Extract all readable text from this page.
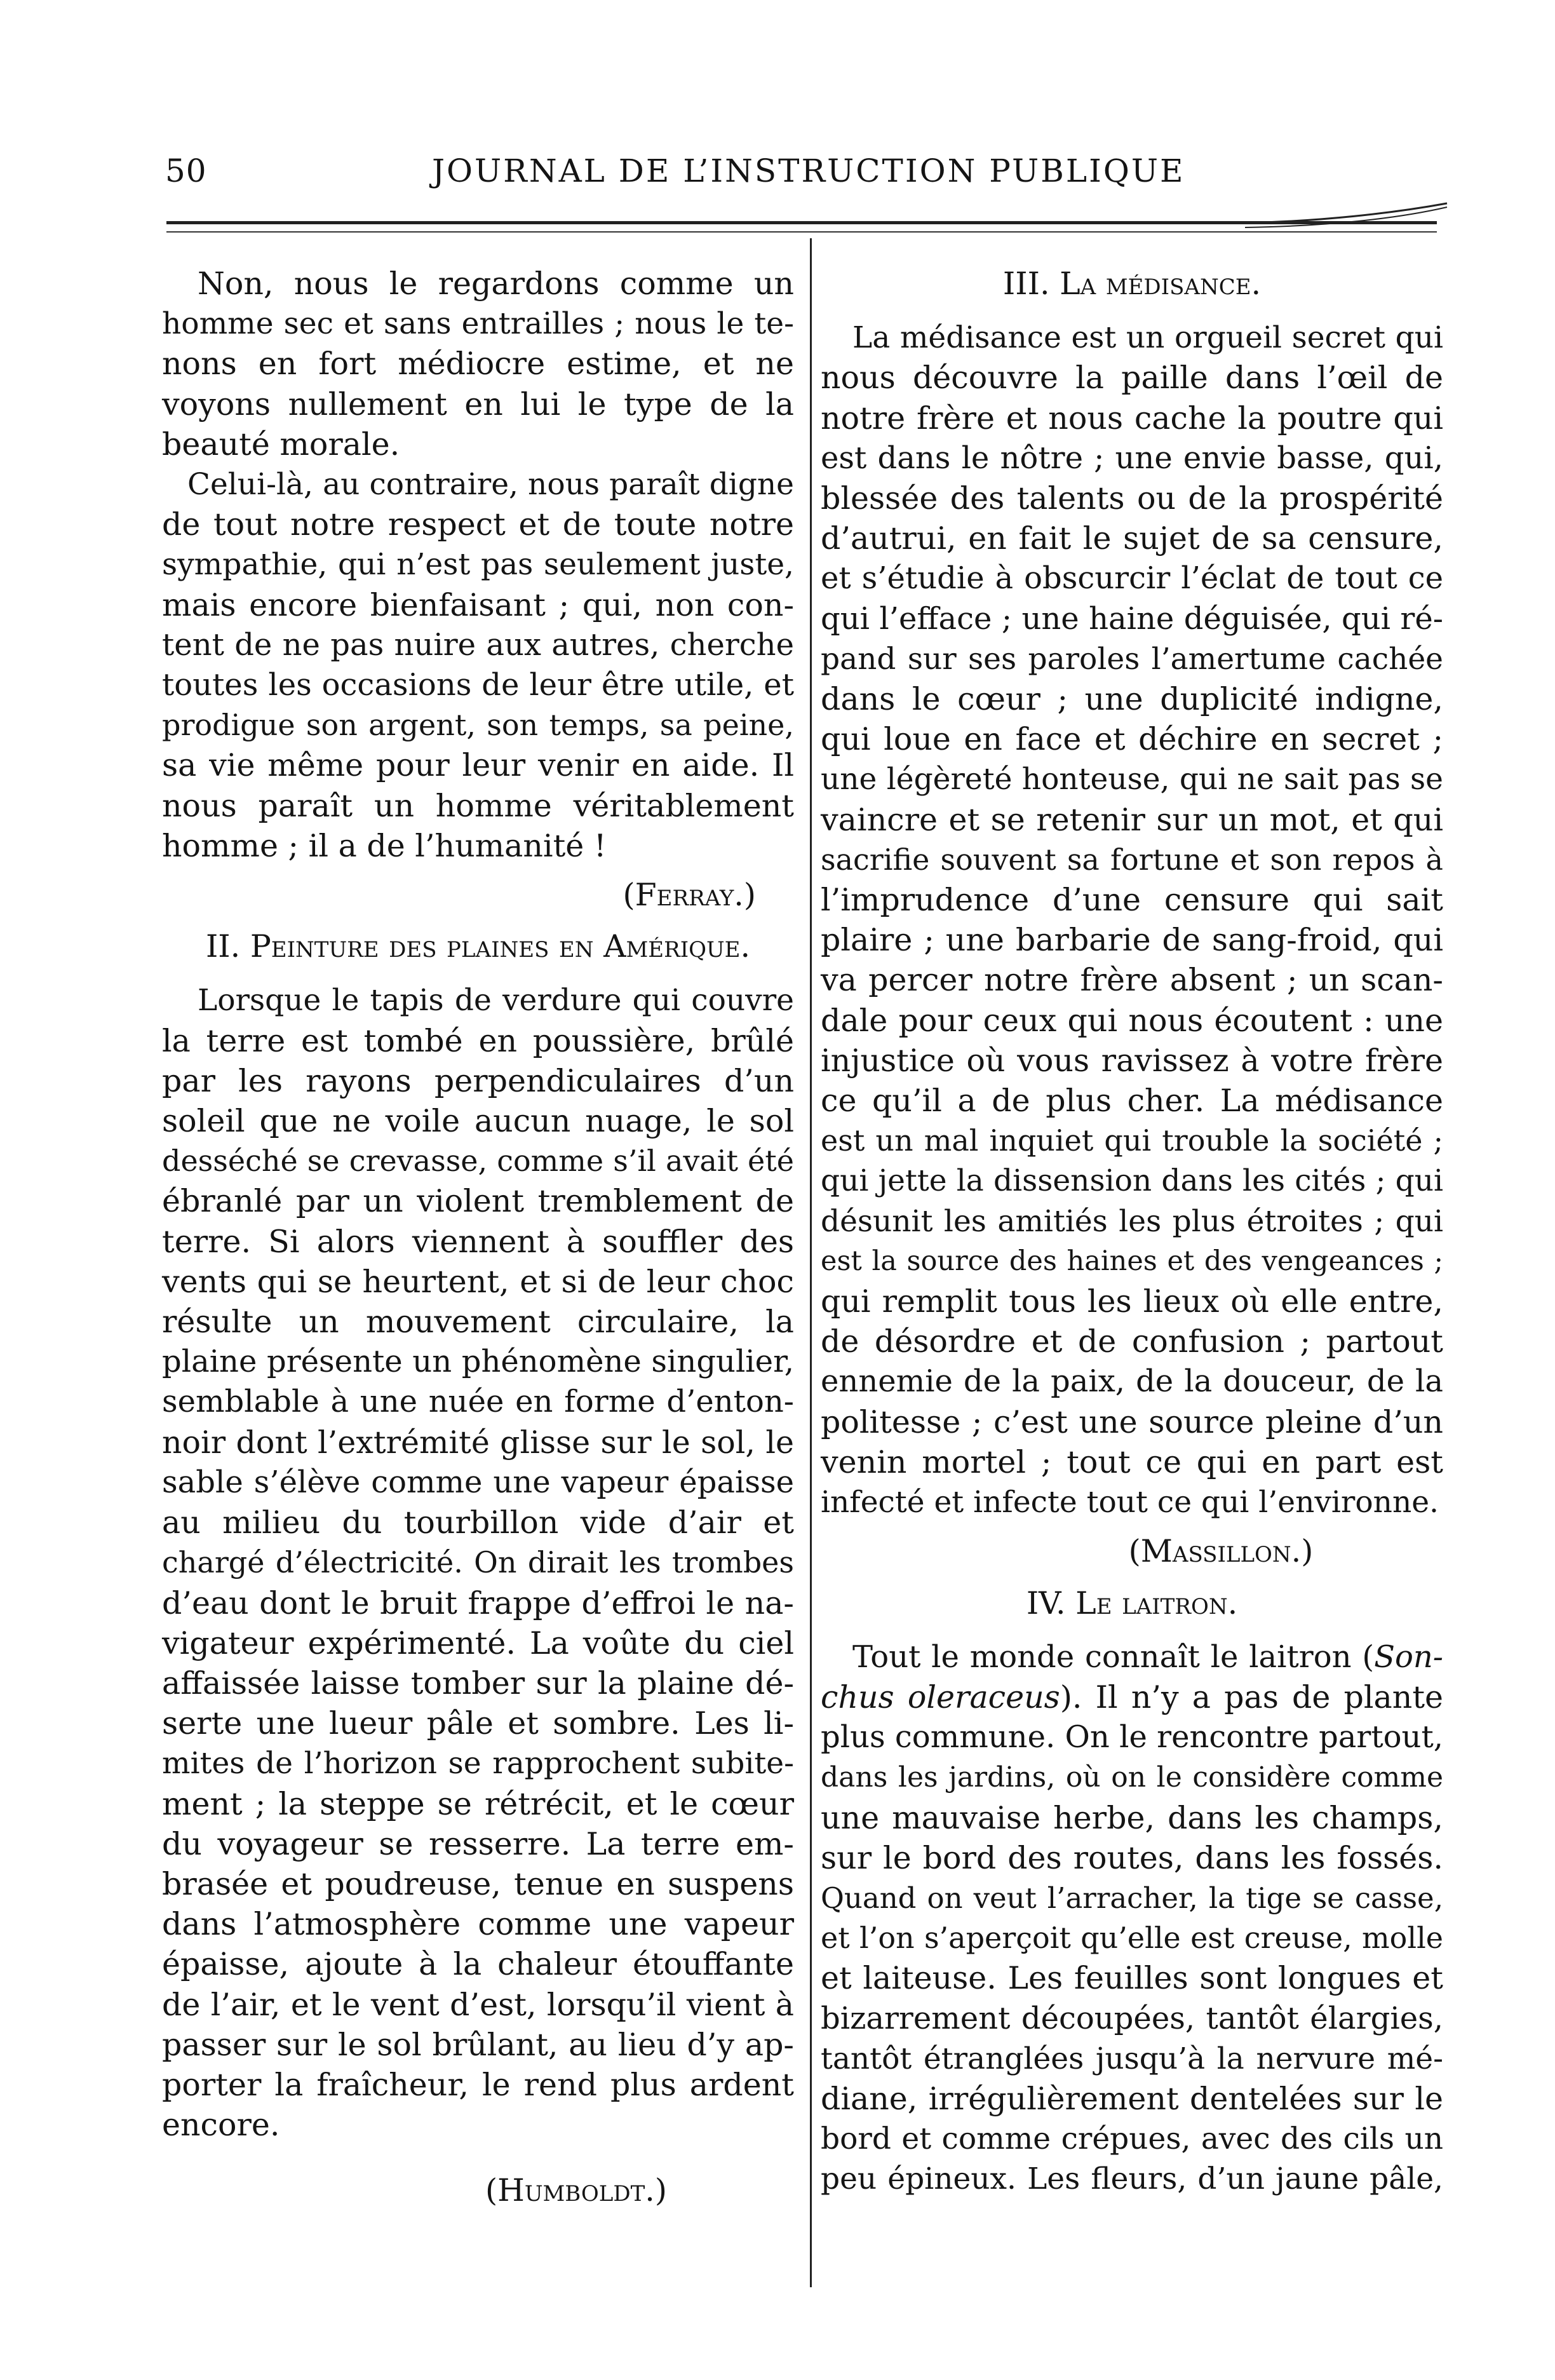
50	JOURNAL DE L’INSTRUCTION PUBLIQUE
Non, nous le regardons comme un
homme sec et sans entrailles ; nous le te-
nons en fort médiocre estime, et ne
voyons nullement en lui le type de la
beauté morale.
Celui-là, au contraire, nous paraît digne
de tout notre respect et de toute notre
sympathie, qui n’est pas seulement juste,
mais encore bienfaisant ; qui, non con-
tent de ne pas nuire aux autres, cherche
toutes les occasions de leur être utile, et
prodigue son argent, son temps, sa peine,
sa vie même pour leur venir en aide. Il
nous paraît un homme véritablement
homme ; il a de l’humanité !
(Ferray.)
II. Peinture des plaines en Amérique.
Lorsque le tapis de verdure qui couvre
la terre est tombé en poussière, brûlé
par les rayons perpendiculaires d’un
soleil que ne voile aucun nuage, le sol
desséché se crevasse, comme s’il avait été
ébranlé par un violent tremblement de
terre. Si alors viennent à souffler des
vents qui se heurtent, et si de leur choc
résulte un mouvement circulaire, la
plaine présente un phénomène singulier,
semblable à une nuée en forme d’enton-
noir dont l’extrémité glisse sur le sol, le
sable s’élève comme une vapeur épaisse
au milieu du tourbillon vide d’air et
chargé d’électricité. On dirait les trombes
d’eau dont le bruit frappe d’effroi le na-
vigateur expérimenté. La voûte du ciel
affaissée laisse tomber sur la plaine dé-
serte une lueur pâle et sombre. Les li-
mites de l’horizon se rapprochent subite-
ment ; la steppe se rétrécit, et le cœur
du voyageur se resserre. La terre em-
brasée et poudreuse, tenue en suspens
dans l’atmosphère comme une vapeur
épaisse, ajoute à la chaleur étouffante
de l’air, et le vent d’est, lorsqu’il vient à
passer sur le sol brûlant, au lieu d’y ap-
porter la fraîcheur, le rend plus ardent
encore.
(Humboldt.)
III. La médisance.
La médisance est un orgueil secret qui
nous découvre la paille dans l’œil de
notre frère et nous cache la poutre qui
est dans le nôtre ; une envie basse, qui,
blessée des talents ou de la prospérité
d’autrui, en fait le sujet de sa censure,
et s’étudie à obscurcir l’éclat de tout ce
qui l’efface ; une haine déguisée, qui ré-
pand sur ses paroles l’amertume cachée
dans le cœur ; une duplicité indigne,
qui loue en face et déchire en secret ;
une légèreté honteuse, qui ne sait pas se
vaincre et se retenir sur un mot, et qui
sacrifie souvent sa fortune et son repos à
l’imprudence d’une censure qui sait
plaire ; une barbarie de sang-froid, qui
va percer notre frère absent ; un scan-
dale pour ceux qui nous écoutent : une
injustice où vous ravissez à votre frère
ce qu’il a de plus cher. La médisance
est un mal inquiet qui trouble la société ;
qui jette la dissension dans les cités ; qui
désunit les amitiés les plus étroites ; qui
est la source des haines et des vengeances ;
qui remplit tous les lieux où elle entre,
de désordre et de confusion ; partout
ennemie de la paix, de la douceur, de la
politesse ; c’est une source pleine d’un
venin mortel ; tout ce qui en part est
infecté et infecte tout ce qui l’environne.
(Massillon.)
IV. Le laitron.
Tout le monde connaît le laitron (Son-
chus oleraceus). Il n’y a pas de plante
plus commune. On le rencontre partout,
dans les jardins, où on le considère comme
une mauvaise herbe, dans les champs,
sur le bord des routes, dans les fossés.
Quand on veut l’arracher, la tige se casse,
et l’on s’aperçoit qu’elle est creuse, molle
et laiteuse. Les feuilles sont longues et
bizarrement découpées, tantôt élargies,
tantôt étranglées jusqu’à la nervure mé-
diane, irrégulièrement dentelées sur le
bord et comme crépues, avec des cils un
peu épineux. Les fleurs, d’un jaune pâle,
